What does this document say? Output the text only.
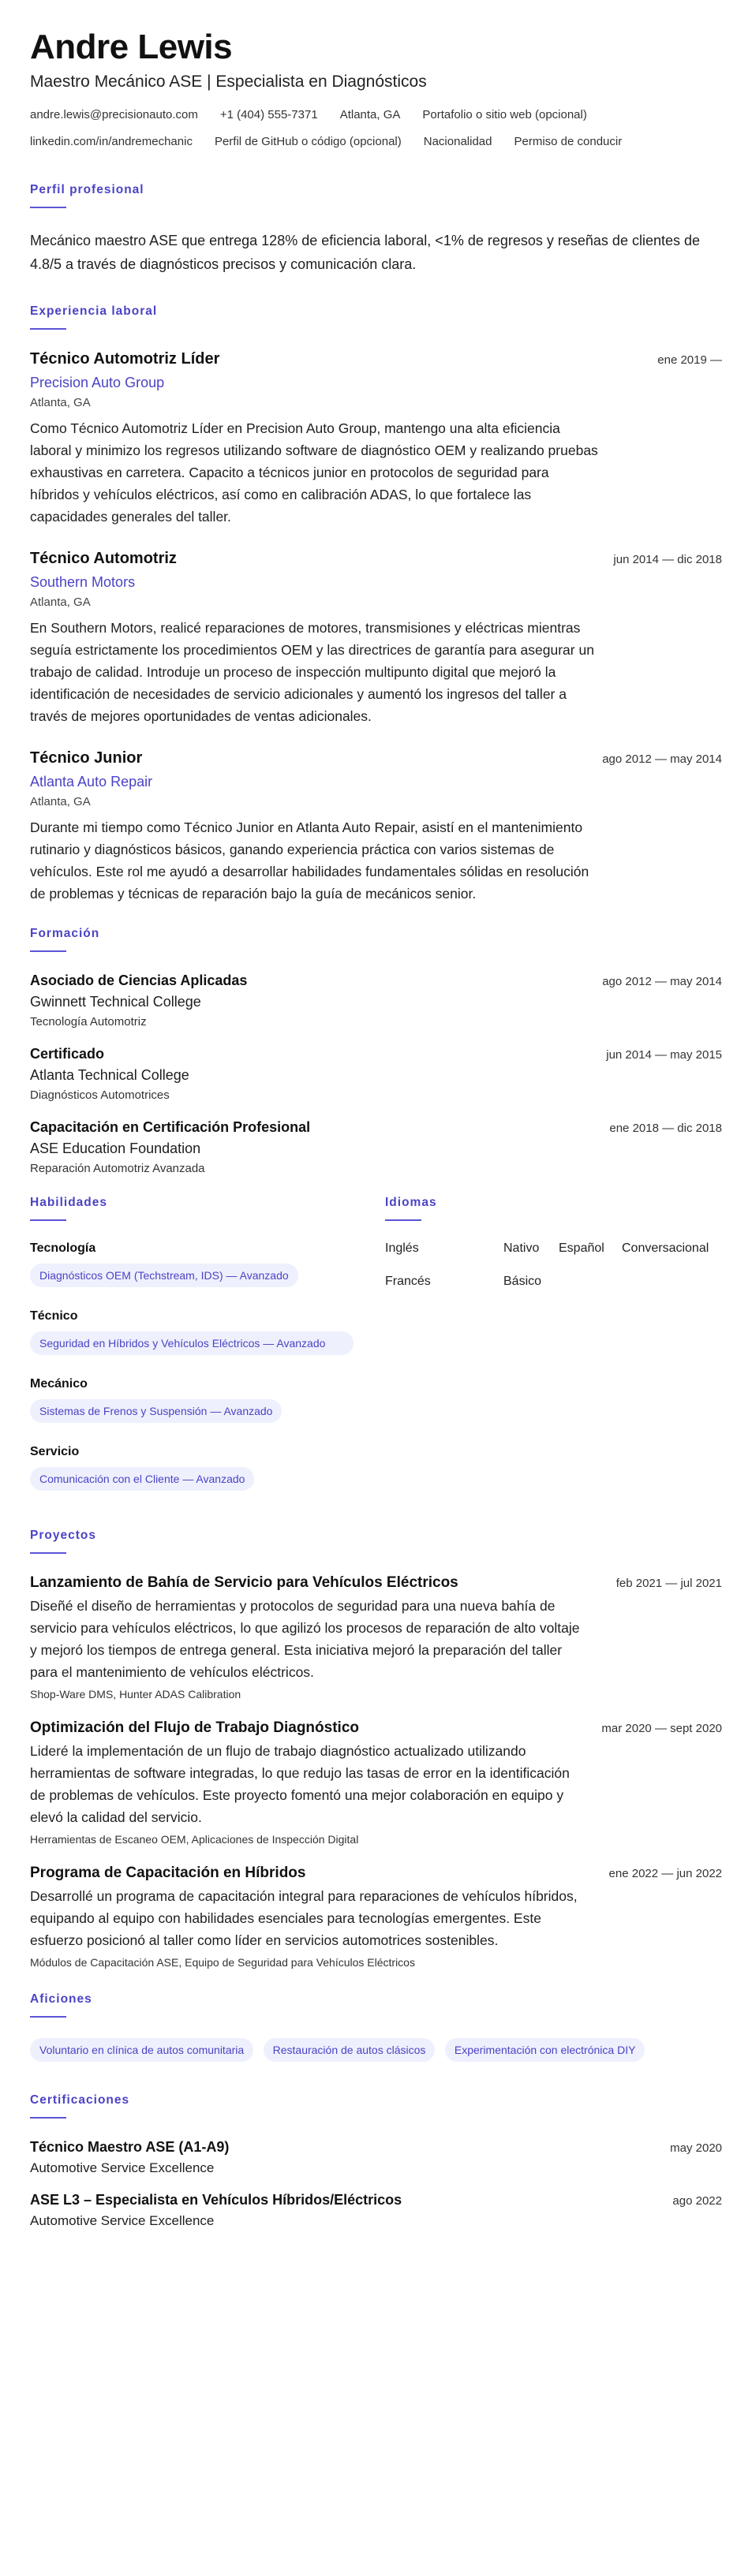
Andre Lewis
Maestro Mecánico ASE | Especialista en Diagnósticos
andre.lewis@precisionauto.com +1 (404) 555-7371 Atlanta, GA Portafolio o sitio web (opcional)
linkedin.com/in/andremechanic Perfil de GitHub o código (opcional) Nacionalidad Permiso de conducir
Perfil profesional
Mecánico maestro ASE que entrega 128% de eficiencia laboral, <1% de regresos y reseñas de clientes de 4.8/5 a través de diagnósticos precisos y comunicación clara.
Experiencia laboral
Técnico Automotriz Líder	ene 2019 —
Precision Auto Group
Atlanta, GA
Como Técnico Automotriz Líder en Precision Auto Group, mantengo una alta eficiencia laboral y minimizo los regresos utilizando software de diagnóstico OEM y realizando pruebas exhaustivas en carretera. Capacito a técnicos junior en protocolos de seguridad para híbridos y vehículos eléctricos, así como en calibración ADAS, lo que fortalece las capacidades generales del taller.
Técnico Automotriz	jun 2014 — dic 2018
Southern Motors
Atlanta, GA
En Southern Motors, realicé reparaciones de motores, transmisiones y eléctricas mientras seguía estrictamente los procedimientos OEM y las directrices de garantía para asegurar un trabajo de calidad. Introduje un proceso de inspección multipunto digital que mejoró la identificación de necesidades de servicio adicionales y aumentó los ingresos del taller a través de mejores oportunidades de ventas adicionales.
Técnico Junior	ago 2012 — may 2014
Atlanta Auto Repair
Atlanta, GA
Durante mi tiempo como Técnico Junior en Atlanta Auto Repair, asistí en el mantenimiento rutinario y diagnósticos básicos, ganando experiencia práctica con varios sistemas de vehículos. Este rol me ayudó a desarrollar habilidades fundamentales sólidas en resolución de problemas y técnicas de reparación bajo la guía de mecánicos senior.
Formación
Asociado de Ciencias Aplicadas	ago 2012 — may 2014
Gwinnett Technical College
Tecnología Automotriz
Certificado	jun 2014 — may 2015
Atlanta Technical College
Diagnósticos Automotrices
Capacitación en Certificación Profesional	ene 2018 — dic 2018
ASE Education Foundation
Reparación Automotriz Avanzada
Habilidades
Tecnología
Diagnósticos OEM (Techstream, IDS) — Avanzado
Técnico
Seguridad en Híbridos y Vehículos Eléctricos — Avanzado
Mecánico
Sistemas de Frenos y Suspensión — Avanzado
Servicio
Comunicación con el Cliente — Avanzado
Idiomas
Inglés	Nativo	Español	Conversacional
Francés	Básico
Proyectos
Lanzamiento de Bahía de Servicio para Vehículos Eléctricos	feb 2021 — jul 2021
Diseñé el diseño de herramientas y protocolos de seguridad para una nueva bahía de servicio para vehículos eléctricos, lo que agilizó los procesos de reparación de alto voltaje y mejoró los tiempos de entrega general. Esta iniciativa mejoró la preparación del taller para el mantenimiento de vehículos eléctricos.
Shop-Ware DMS, Hunter ADAS Calibration
Optimización del Flujo de Trabajo Diagnóstico	mar 2020 — sept 2020
Lideré la implementación de un flujo de trabajo diagnóstico actualizado utilizando herramientas de software integradas, lo que redujo las tasas de error en la identificación de problemas de vehículos. Este proyecto fomentó una mejor colaboración en equipo y elevó la calidad del servicio.
Herramientas de Escaneo OEM, Aplicaciones de Inspección Digital
Programa de Capacitación en Híbridos	ene 2022 — jun 2022
Desarrollé un programa de capacitación integral para reparaciones de vehículos híbridos, equipando al equipo con habilidades esenciales para tecnologías emergentes. Este esfuerzo posicionó al taller como líder en servicios automotrices sostenibles.
Módulos de Capacitación ASE, Equipo de Seguridad para Vehículos Eléctricos
Aficiones
Voluntario en clínica de autos comunitaria	Restauración de autos clásicos	Experimentación con electrónica DIY
Certificaciones
Técnico Maestro ASE (A1-A9)	may 2020
Automotive Service Excellence
ASE L3 – Especialista en Vehículos Híbridos/Eléctricos	ago 2022
Automotive Service Excellence
